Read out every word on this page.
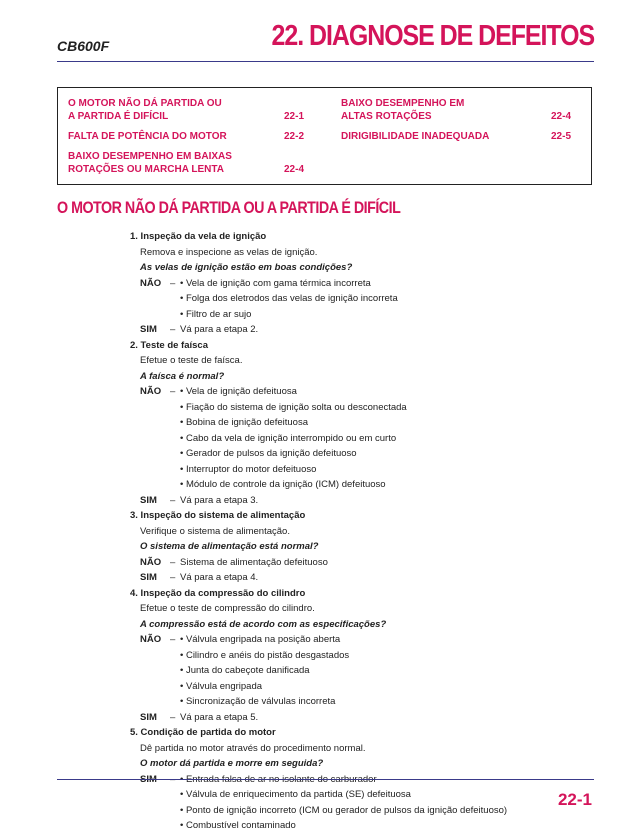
CB600F	22. DIAGNOSE DE DEFEITOS
O MOTOR NÃO DÁ PARTIDA OU
A PARTIDA É DIFÍCIL	22-1
FALTA DE POTÊNCIA DO MOTOR	22-2
BAIXO DESEMPENHO EM BAIXAS
ROTAÇÕES OU MARCHA LENTA	22-4
BAIXO DESEMPENHO EM
ALTAS ROTAÇÕES	22-4
DIRIGIBILIDADE INADEQUADA	22-5
O MOTOR NÃO DÁ PARTIDA OU A PARTIDA É DIFÍCIL
1. Inspeção da vela de ignição
Remova e inspecione as velas de ignição.
As velas de ignição estão em boas condições?
NÃO – • Vela de ignição com gama térmica incorreta
• Folga dos eletrodos das velas de ignição incorreta
• Filtro de ar sujo
SIM – Vá para a etapa 2.
2. Teste de faísca
Efetue o teste de faísca.
A faísca é normal?
NÃO – • Vela de ignição defeituosa
• Fiação do sistema de ignição solta ou desconectada
• Bobina de ignição defeituosa
• Cabo da vela de ignição interrompido ou em curto
• Gerador de pulsos da ignição defeituoso
• Interruptor do motor defeituoso
• Módulo de controle da ignição (ICM) defeituoso
SIM – Vá para a etapa 3.
3. Inspeção do sistema de alimentação
Verifique o sistema de alimentação.
O sistema de alimentação está normal?
NÃO – Sistema de alimentação defeituoso
SIM – Vá para a etapa 4.
4. Inspeção da compressão do cilindro
Efetue o teste de compressão do cilindro.
A compressão está de acordo com as especificações?
NÃO – • Válvula engripada na posição aberta
• Cilindro e anéis do pistão desgastados
• Junta do cabeçote danificada
• Válvula engripada
• Sincronização de válvulas incorreta
SIM – Vá para a etapa 5.
5. Condição de partida do motor
Dê partida no motor através do procedimento normal.
O motor dá partida e morre em seguida?
SIM – • Entrada falsa de ar no isolante do carburador
• Válvula de enriquecimento da partida (SE) defeituosa
• Ponto de ignição incorreto (ICM ou gerador de pulsos da ignição defeituoso)
• Combustível contaminado
22-1
